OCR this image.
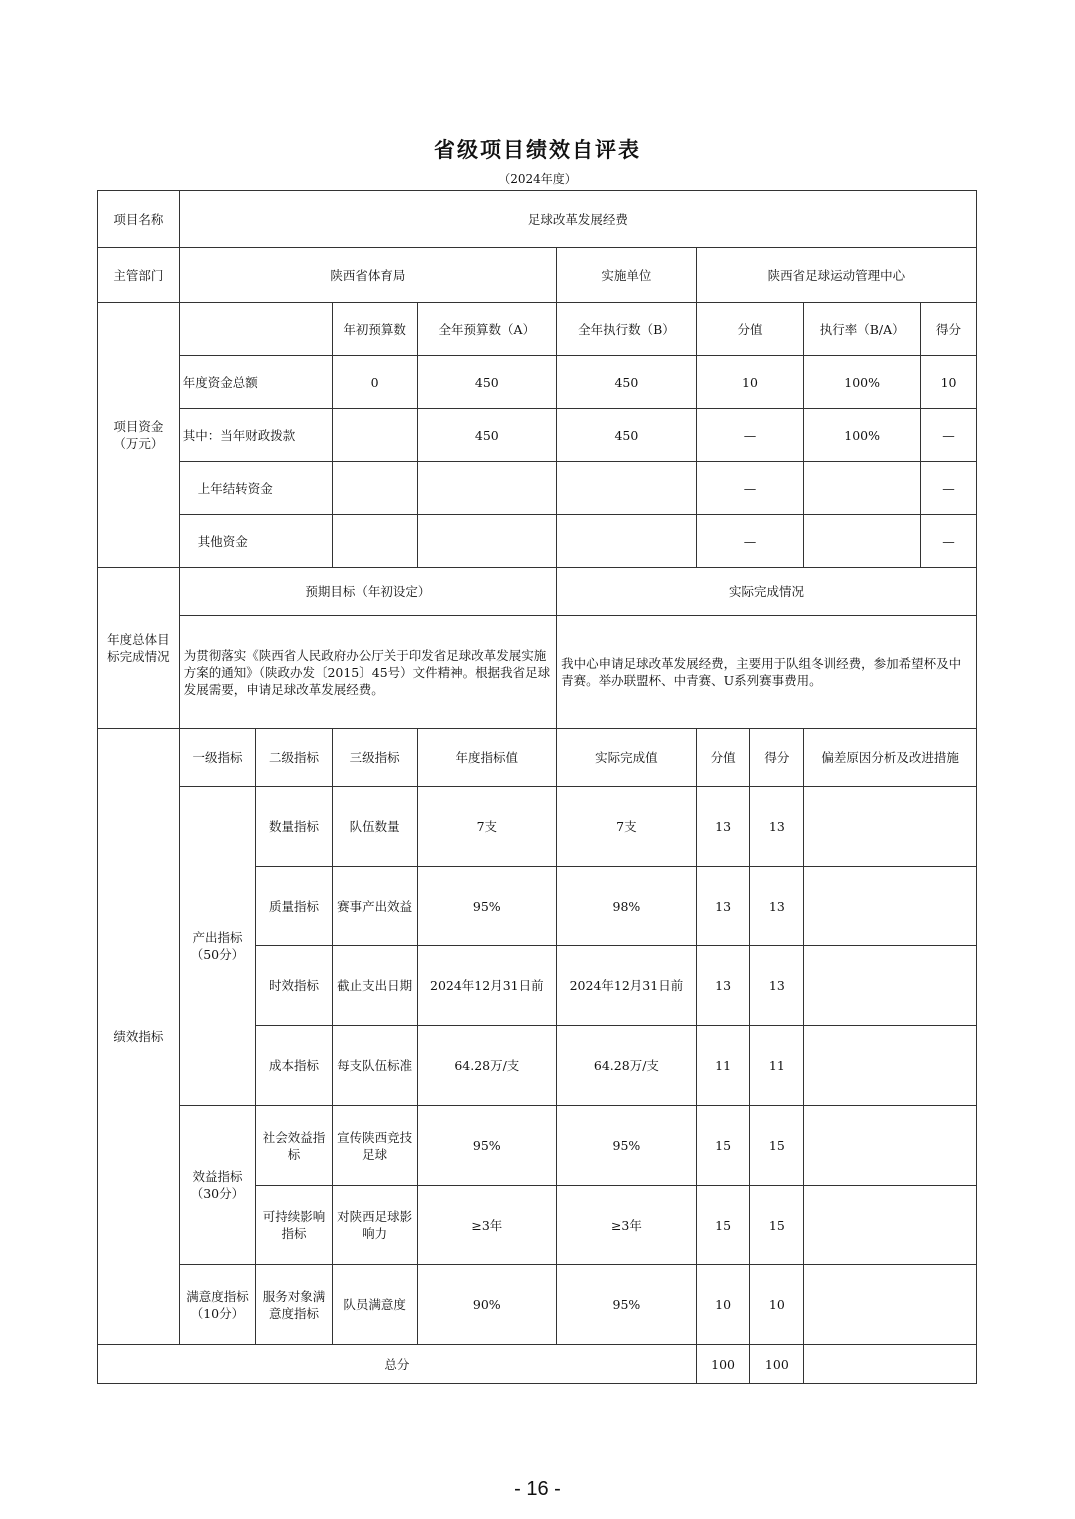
省级项目绩效自评表
（2024年度）
项目名称	足球改革发展经费								
主管部门	陕西省体育局				实施单位	陕西省足球运动管理中心			
项目资金（万元）			年初预算数	全年预算数（A）	全年执行数（B）	分值		执行率（B/A）	得分
	年度资金总额		0	450	450	10		100%	10
	其中：当年财政拨款			450	450	—		100%	—
	上年结转资金					—			—
	其他资金					—			—
年度总体目标完成情况	预期目标（年初设定）				实际完成情况				
	为贯彻落实《陕西省人民政府办公厅关于印发省足球改革发展实施方案的通知》（陕政办发〔2015〕45号）文件精神。根据我省足球发展需要，申请足球改革发展经费。				我中心申请足球改革发展经费，主要用于队组冬训经费，参加希望杯及中青赛。举办联盟杯、中青赛、U系列赛事费用。				
绩效指标	一级指标	二级指标	三级指标	年度指标值	实际完成值	分值	得分	偏差原因分析及改进措施	
	产出指标（50分）	数量指标	队伍数量	7支	7支	13	13		
		质量指标	赛事产出效益	95%	98%	13	13		
		时效指标	截止支出日期	2024年12月31日前	2024年12月31日前	13	13		
		成本指标	每支队伍标准	64.28万/支	64.28万/支	11	11		
	效益指标（30分）	社会效益指标	宣传陕西竞技足球	95%	95%	15	15		
		可持续影响指标	对陕西足球影响力	≥3年	≥3年	15	15		
	满意度指标（10分）	服务对象满意度指标	队员满意度	90%	95%	10	10		
总分						100	100		
- 16 -
